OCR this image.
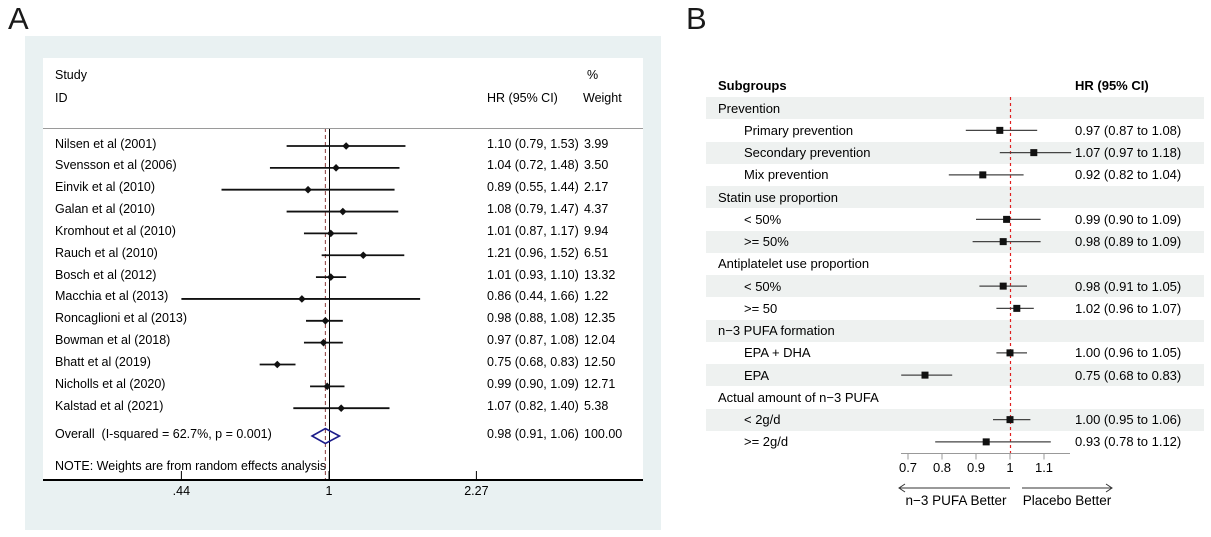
A	B
Study
ID	HR (95% CI)
%
Weight
Nilsen et al (2001)	1.10 (0.79, 1.53) 3.99
Svensson et al (2006)	1.04 (0.72, 1.48) 3.50
Einvik et al (2010)	0.89 (0.55, 1.44) 2.17
Galan et al (2010)	1.08 (0.79, 1.47) 4.37
Kromhout et al (2010)	1.01 (0.87, 1.17) 9.94
Rauch et al (2010)	1.21 (0.96, 1.52) 6.51
Bosch et al (2012)	1.01 (0.93, 1.10) 13.32
Macchia et al (2013)	0.86 (0.44, 1.66) 1.22
Roncaglioni et al (2013)	0.98 (0.88, 1.08) 12.35
Bowman et al (2018)	0.97 (0.87, 1.08) 12.04
Bhatt et al (2019)	0.75 (0.68, 0.83) 12.50
Nicholls et al (2020)	0.99 (0.90, 1.09) 12.71
Kalstad et al (2021)	1.07 (0.82, 1.40) 5.38
Overall  (I-squared = 62.7%, p = 0.001)	0.98 (0.91, 1.06) 100.00
NOTE: Weights are from random effects analysis
.44	1	2.27
Subgroups	HR (95% CI)
Prevention
Primary prevention	0.97 (0.87 to 1.08)
Secondary prevention	1.07 (0.97 to 1.18)
Mix prevention	0.92 (0.82 to 1.04)
Statin use proportion
< 50%	0.99 (0.90 to 1.09)
>= 50%	0.98 (0.89 to 1.09)
Antiplatelet use proportion
< 50%	0.98 (0.91 to 1.05)
>= 50	1.02 (0.96 to 1.07)
n−3 PUFA formation
EPA + DHA	1.00 (0.96 to 1.05)
EPA	0.75 (0.68 to 0.83)
Actual amount of n−3 PUFA
< 2g/d	1.00 (0.95 to 1.06)
>= 2g/d	0.93 (0.78 to 1.12)
0.7 0.8 0.9 1 1.1
n−3 PUFA Better Placebo Better
